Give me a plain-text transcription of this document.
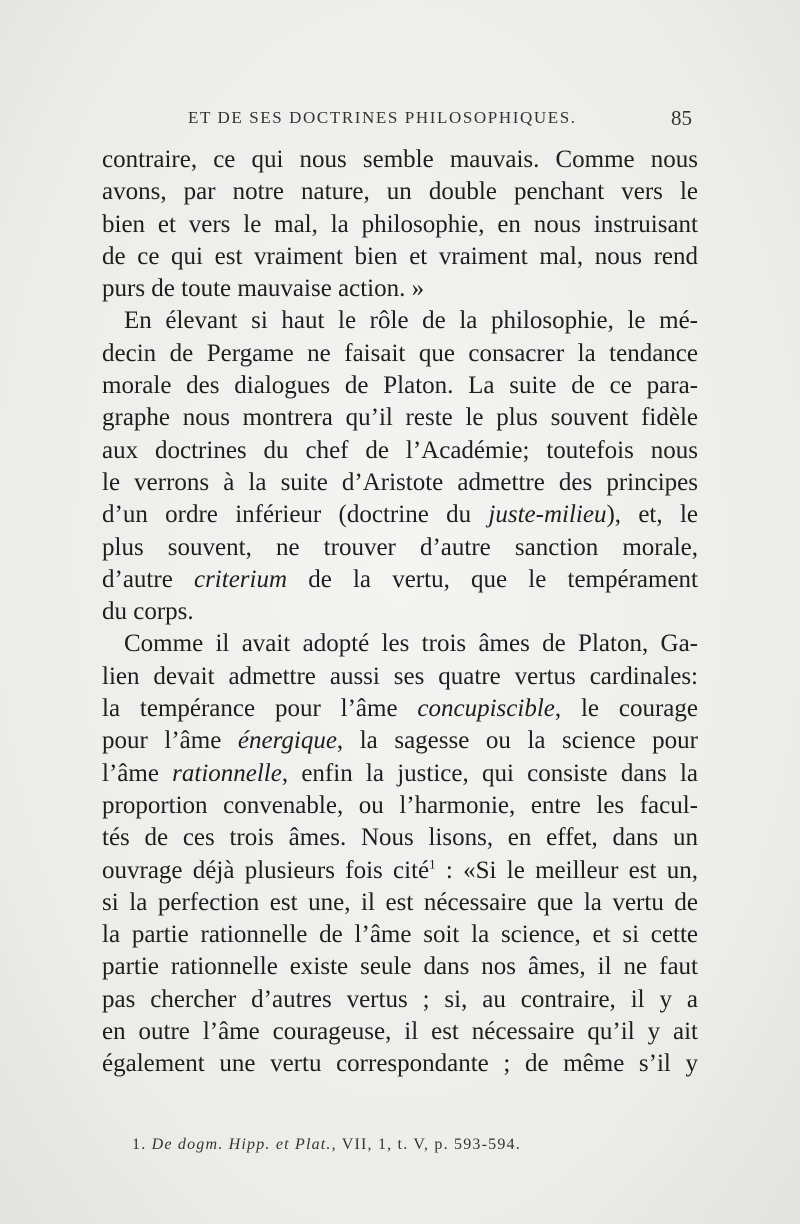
ET DE SES DOCTRINES PHILOSOPHIQUES.	85
contraire, ce qui nous semble mauvais. Comme nous
avons, par notre nature, un double penchant vers le
bien et vers le mal, la philosophie, en nous instruisant
de ce qui est vraiment bien et vraiment mal, nous rend
purs de toute mauvaise action. »
En élevant si haut le rôle de la philosophie, le mé-
decin de Pergame ne faisait que consacrer la tendance
morale des dialogues de Platon. La suite de ce para-
graphe nous montrera qu’il reste le plus souvent fidèle
aux doctrines du chef de l’Académie; toutefois nous
le verrons à la suite d’Aristote admettre des principes
d’un ordre inférieur (doctrine du juste-milieu), et, le
plus souvent, ne trouver d’autre sanction morale,
d’autre criterium de la vertu, que le tempérament
du corps.
Comme il avait adopté les trois âmes de Platon, Ga-
lien devait admettre aussi ses quatre vertus cardinales:
la tempérance pour l’âme concupiscible, le courage
pour l’âme énergique, la sagesse ou la science pour
l’âme rationnelle, enfin la justice, qui consiste dans la
proportion convenable, ou l’harmonie, entre les facul-
tés de ces trois âmes. Nous lisons, en effet, dans un
ouvrage déjà plusieurs fois cité$^1$ : «Si le meilleur est un,
si la perfection est une, il est nécessaire que la vertu de
la partie rationnelle de l’âme soit la science, et si cette
partie rationnelle existe seule dans nos âmes, il ne faut
pas chercher d’autres vertus ; si, au contraire, il y a
en outre l’âme courageuse, il est nécessaire qu’il y ait
également une vertu correspondante ; de même s’il y
1. De dogm. Hipp. et Plat., VII, 1, t. V, p. 593-594.
